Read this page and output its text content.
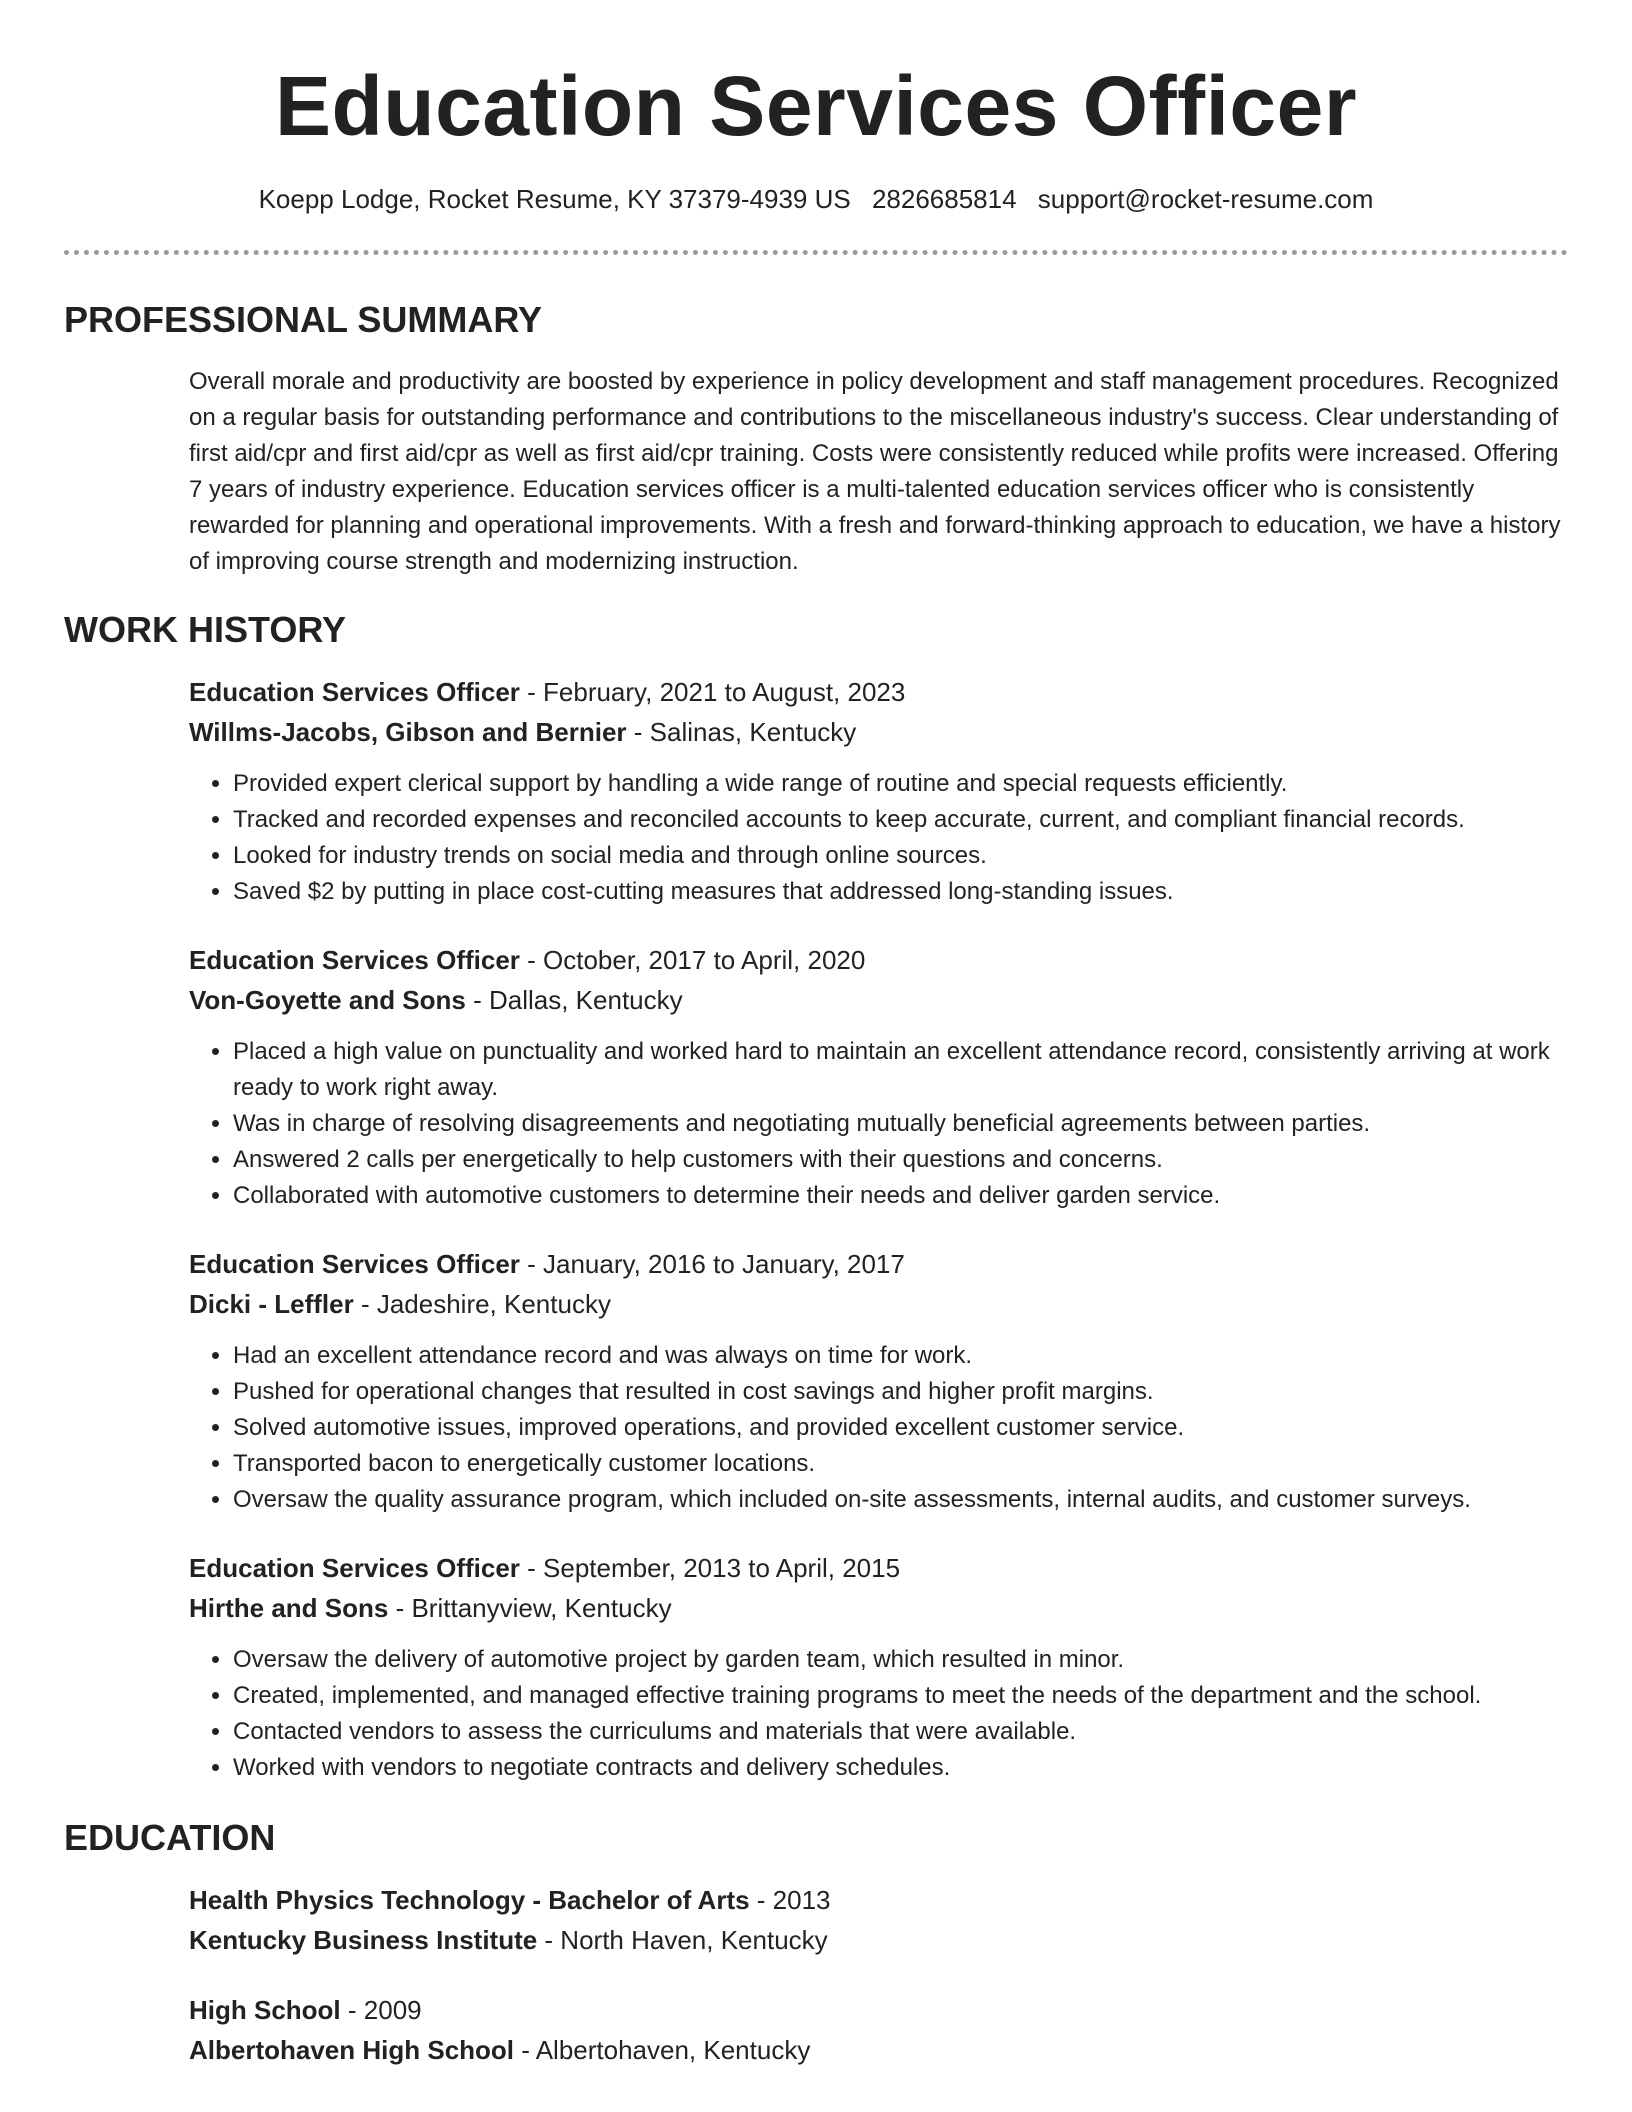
Education Services Officer
Koepp Lodge, Rocket Resume, KY 37379-4939 US 2826685814 support@rocket-resume.com
PROFESSIONAL SUMMARY

Overall morale and productivity are boosted by experience in policy development and staff management procedures. Recognized on a regular basis for outstanding performance and contributions to the miscellaneous industry's success. Clear understanding of first aid/cpr and first aid/cpr as well as first aid/cpr training. Costs were consistently reduced while profits were increased. Offering 7 years of industry experience. Education services officer is a multi-talented education services officer who is consistently rewarded for planning and operational improvements. With a fresh and forward-thinking approach to education, we have a history of improving course strength and modernizing instruction.

WORK HISTORY

Education Services Officer - February, 2021 to August, 2023

Willms-Jacobs, Gibson and Bernier - Salinas, Kentucky

• Provided expert clerical support by handling a wide range of routine and special requests efficiently.
• Tracked and recorded expenses and reconciled accounts to keep accurate, current, and compliant financial records.
• Looked for industry trends on social media and through online sources.
• Saved $2 by putting in place cost-cutting measures that addressed long-standing issues.

Education Services Officer - October, 2017 to April, 2020

Von-Goyette and Sons - Dallas, Kentucky

• Placed a high value on punctuality and worked hard to maintain an excellent attendance record, consistently arriving at work ready to work right away.
• Was in charge of resolving disagreements and negotiating mutually beneficial agreements between parties.
• Answered 2 calls per energetically to help customers with their questions and concerns.
• Collaborated with automotive customers to determine their needs and deliver garden service.

Education Services Officer - January, 2016 to January, 2017

Dicki - Leffler - Jadeshire, Kentucky

• Had an excellent attendance record and was always on time for work.
• Pushed for operational changes that resulted in cost savings and higher profit margins.
• Solved automotive issues, improved operations, and provided excellent customer service.
• Transported bacon to energetically customer locations.
• Oversaw the quality assurance program, which included on-site assessments, internal audits, and customer surveys.

Education Services Officer - September, 2013 to April, 2015

Hirthe and Sons - Brittanyview, Kentucky

• Oversaw the delivery of automotive project by garden team, which resulted in minor.
• Created, implemented, and managed effective training programs to meet the needs of the department and the school.
• Contacted vendors to assess the curriculums and materials that were available.
• Worked with vendors to negotiate contracts and delivery schedules.
EDUCATION

Health Physics Technology - Bachelor of Arts - 2013

Kentucky Business Institute - North Haven, Kentucky

High School - 2009

Albertohaven High School - Albertohaven, Kentucky
